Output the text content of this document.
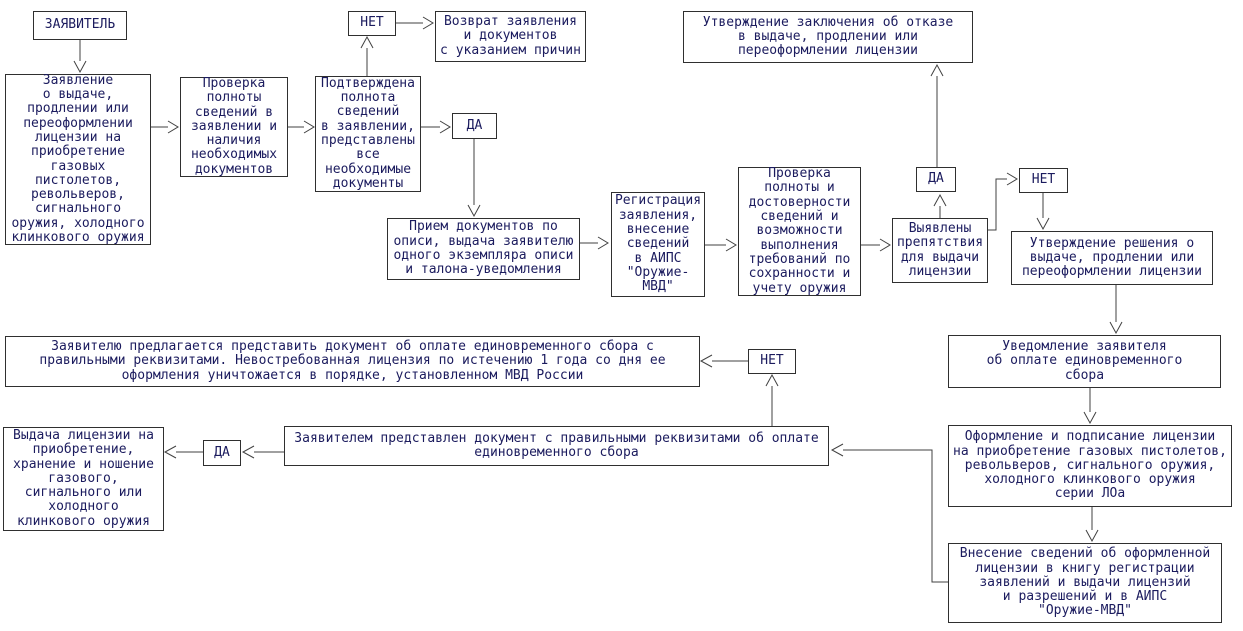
ЗАЯВИТЕЛЬ
Заявление
о выдаче,
продлении или
переоформлении
лицензии на
приобретение
газовых
пистолетов,
револьверов,
сигнального
оружия, холодного
клинкового оружия
Проверка
полноты
сведений в
заявлении и
наличия
необходимых
документов
НЕТ	Возврат заявления
и документов
с указанием причин
Подтверждена
полнота
сведений
в заявлении,
представлены
все
необходимые
документы
ДА
Прием документов по
описи, выдача заявителю
одного экземпляра описи
и талона-уведомления
Регистрация
заявления,
внесение
сведений
в АИПС
"Оружие-
МВД"
Проверка
полноты и
достоверности
сведений и
возможности
выполнения
требований по
сохранности и
учету оружия
Выявлены
препятствия
для выдачи
лицензии
ДА
Утверждение заключения об отказе
в выдаче, продлении или
переоформлении лицензии
НЕТ
Утверждение решения о
выдаче, продлении или
переоформлении лицензии
Уведомление заявителя
об оплате единовременного
сбора
Оформление и подписание лицензии
на приобретение газовых пистолетов,
револьверов, сигнального оружия,
холодного клинкового оружия
серии ЛОа
Внесение сведений об оформленной
лицензии в книгу регистрации
заявлений и выдачи лицензий
и разрешений и в АИПС
"Оружие-МВД"
Заявителю предлагается представить документ об оплате единовременного сбора с
правильными реквизитами. Невостребованная лицензия по истечению 1 года со дня ее
оформления уничтожается в порядке, установленном МВД России
НЕТ
Заявителем представлен документ с правильными реквизитами об оплате
единовременного сбора
ДА
Выдача лицензии на
приобретение,
хранение и ношение
газового,
сигнального или
холодного
клинкового оружия
